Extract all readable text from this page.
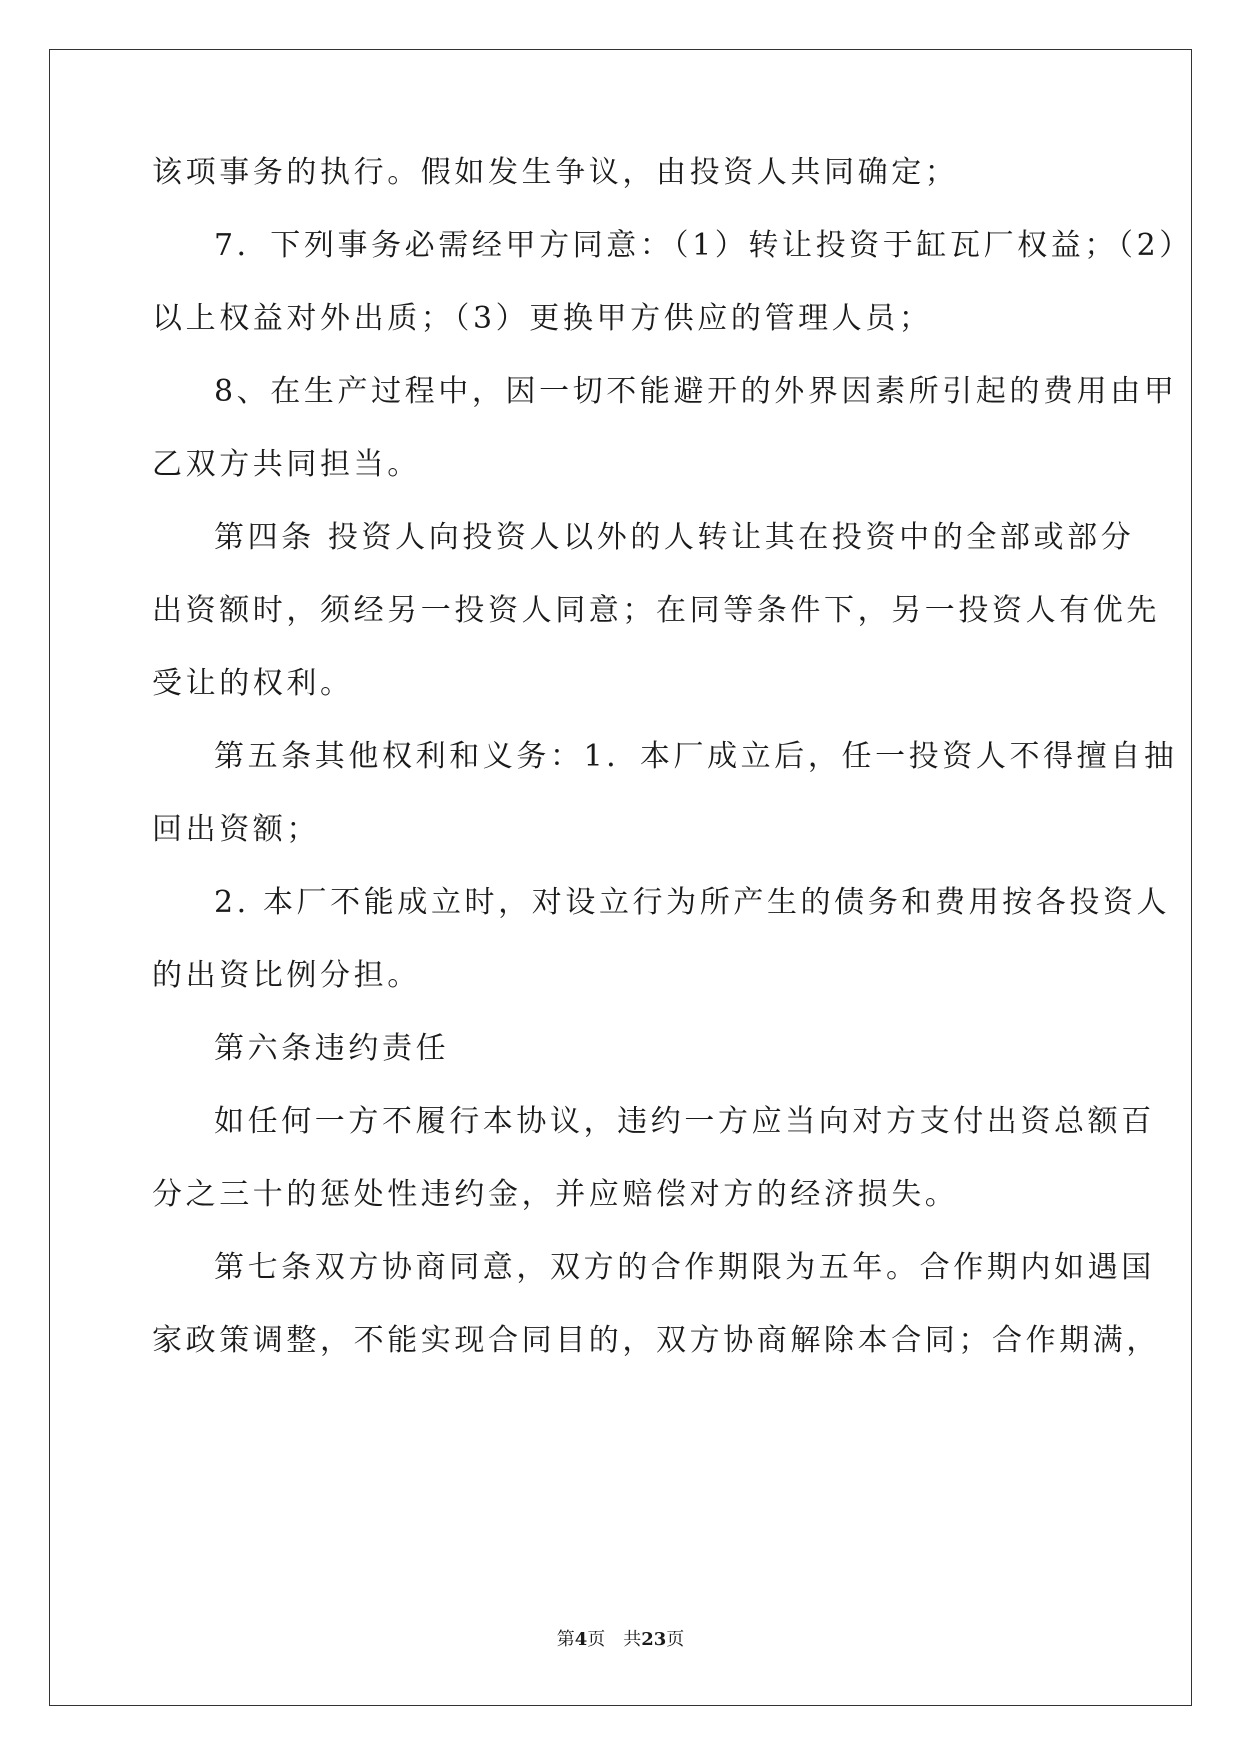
该项事务的执行。假如发生争议，由投资人共同确定；
7．下列事务必需经甲方同意：（1）转让投资于缸瓦厂权益；（2）
以上权益对外出质；（3）更换甲方供应的管理人员；
8、在生产过程中，因一切不能避开的外界因素所引起的费用由甲
乙双方共同担当。
第四条 投资人向投资人以外的人转让其在投资中的全部或部分
出资额时，须经另一投资人同意；在同等条件下，另一投资人有优先
受让的权利。
第五条其他权利和义务：1．本厂成立后，任一投资人不得擅自抽
回出资额；
2. 本厂不能成立时，对设立行为所产生的债务和费用按各投资人
的出资比例分担。
第六条违约责任
如任何一方不履行本协议，违约一方应当向对方支付出资总额百
分之三十的惩处性违约金，并应赔偿对方的经济损失。
第七条双方协商同意，双方的合作期限为五年。合作期内如遇国
家政策调整，不能实现合同目的，双方协商解除本合同；合作期满，
第4页　共23页
